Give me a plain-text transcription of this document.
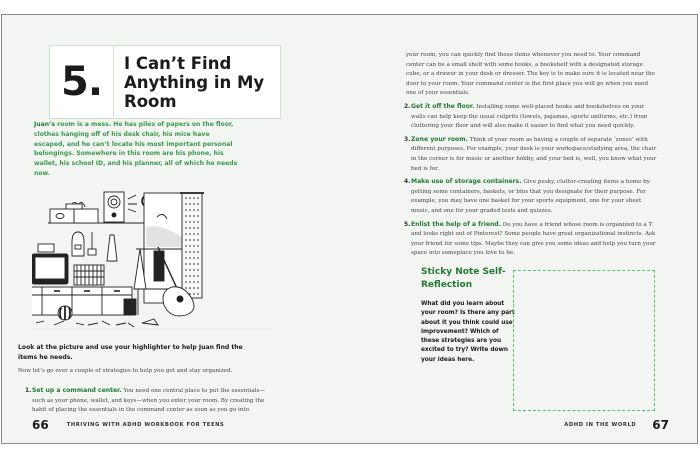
5.	I Can’t Find Anything in My Room
Juan’s room is a mess. He has piles of papers on the floor, clothes hanging off of his desk chair, his mice have escaped, and he can’t locate his most important personal belongings. Somewhere in this room are his phone, his wallet, his school ID, and his planner, all of which he needs now.
Look at the picture and use your highlighter to help Juan find the items he needs.
Now let’s go over a couple of strategies to help you get and stay organized.
1. Set up a command center. You need one central place to put the essentials—such as your phone, wallet, and keys—when you enter your room. By creating the habit of placing the essentials in the command center as soon as you go into
66	THRIVING WITH ADHD WORKBOOK FOR TEENS
your room, you can quickly find those items whenever you need to. Your command center can be a small shelf with some hooks, a bookshelf with a designated storage cube, or a drawer in your desk or dresser. The key is to make sure it is located near the door to your room. Your command center is the first place you will go when you need one of your essentials.
2. Get it off the floor. Installing some well-placed hooks and bookshelves on your walls can help keep the usual culprits (towels, pajamas, sports uniforms, etc.) from cluttering your floor and will also make it easier to find what you need quickly.
3. Zone your room. Think of your room as having a couple of separate ‘zones’ with different purposes. For example, your desk is your workspace/studying area, the chair in the corner is for music or another hobby, and your bed is, well, you know what your bed is for.
4. Make use of storage containers. Give pesky, clutter-creating items a home by getting some containers, baskets, or bins that you designate for their purpose. For example, you may have one basket for your sports equipment, one for your sheet music, and one for your graded tests and quizzes.
5. Enlist the help of a friend. Do you have a friend whose room is organized to a T and looks right out of Pinterest? Some people have great organizational instincts. Ask your friend for some tips. Maybe they can give you some ideas and help you turn your space into someplace you love to be.
Sticky Note Self-Reflection
What did you learn about your room? Is there any part about it you think could use improvement? Which of these strategies are you excited to try? Write down your ideas here.
ADHD IN THE WORLD 67
